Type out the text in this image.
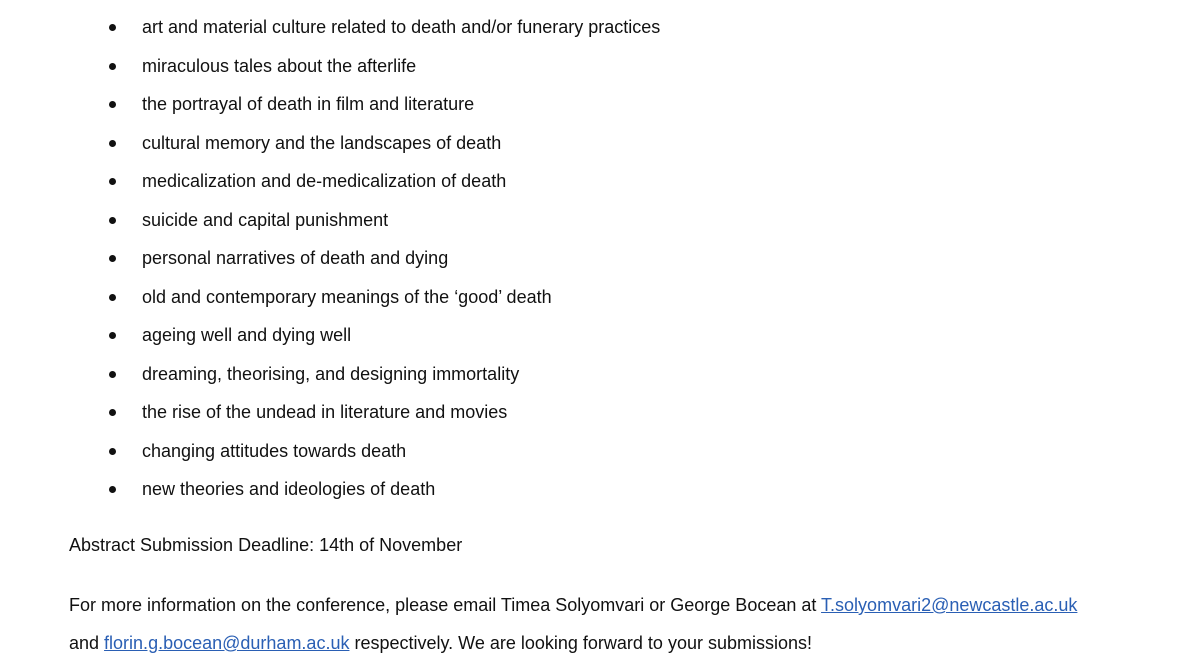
art and material culture related to death and/or funerary practices
miraculous tales about the afterlife
the portrayal of death in film and literature
cultural memory and the landscapes of death
medicalization and de-medicalization of death
suicide and capital punishment
personal narratives of death and dying
old and contemporary meanings of the ‘good’ death
ageing well and dying well
dreaming, theorising, and designing immortality
the rise of the undead in literature and movies
changing attitudes towards death
new theories and ideologies of death

Abstract Submission Deadline: 14th of November

For more information on the conference, please email Timea Solyomvari or George Bocean at T.solyomvari2@newcastle.ac.uk
and florin.g.bocean@durham.ac.uk respectively. We are looking forward to your submissions!
